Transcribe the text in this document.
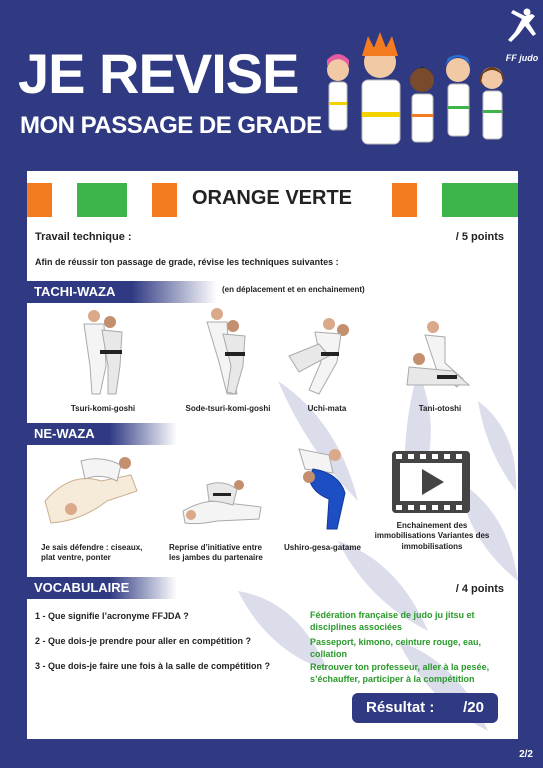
JE REVISE
MON PASSAGE DE GRADE
FF judo
ORANGE VERTE
Travail technique :	/ 5 points
Afin de réussir ton passage de grade, révise les techniques suivantes :
TACHI-WAZA	(en déplacement et en enchainement)
Tsuri-komi-goshi	Sode-tsuri-komi-goshi	Uchi-mata	Tani-otoshi
NE-WAZA
Je sais défendre : ciseaux, plat ventre, ponter
Reprise d’initiative entre les jambes du partenaire
Ushiro-gesa-gatame
Enchainement des immobilisations Variantes des immobilisations
VOCABULAIRE	/ 4 points
1 - Que signifie l’acronyme FFJDA ?	Fédération française de judo ju jitsu et disciplines associées
2 - Que dois-je prendre pour aller en compétition ?	Passeport, kimono, ceinture rouge, eau, collation
3 - Que dois-je faire une fois à la salle de compétition ?	Retrouver ton professeur, aller à la pesée, s’échauffer, participer à la compétition
Résultat : /20
2/2
